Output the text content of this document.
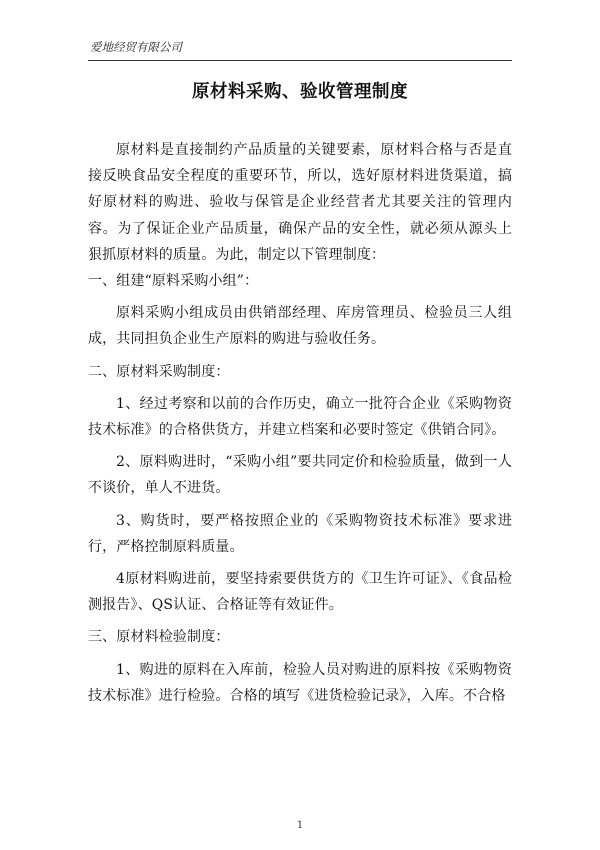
爱地经贸有限公司
原材料采购、验收管理制度

原材料是直接制约产品质量的关键要素，原材料合格与否是直接反映食品安全程度的重要环节，所以，选好原材料进货渠道，搞好原材料的购进、验收与保管是企业经营者尤其要关注的管理内容。为了保证企业产品质量，确保产品的安全性，就必须从源头上狠抓原材料的质量。为此，制定以下管理制度：

一、组建“原料采购小组”：

原料采购小组成员由供销部经理、库房管理员、检验员三人组成，共同担负企业生产原料的购进与验收任务。

二、原材料采购制度：

1、经过考察和以前的合作历史，确立一批符合企业《采购物资技术标准》的合格供货方，并建立档案和必要时签定《供销合同》。

2、原料购进时，“采购小组”要共同定价和检验质量，做到一人不谈价，单人不进货。

3、购货时，要严格按照企业的《采购物资技术标准》要求进行，严格控制原料质量。

4原材料购进前，要坚持索要供货方的《卫生许可证》、《食品检测报告》、QS认证、合格证等有效证件。

三、原材料检验制度：

1、购进的原料在入库前，检验人员对购进的原料按《采购物资技术标准》进行检验。合格的填写《进货检验记录》，入库。不合格

1
